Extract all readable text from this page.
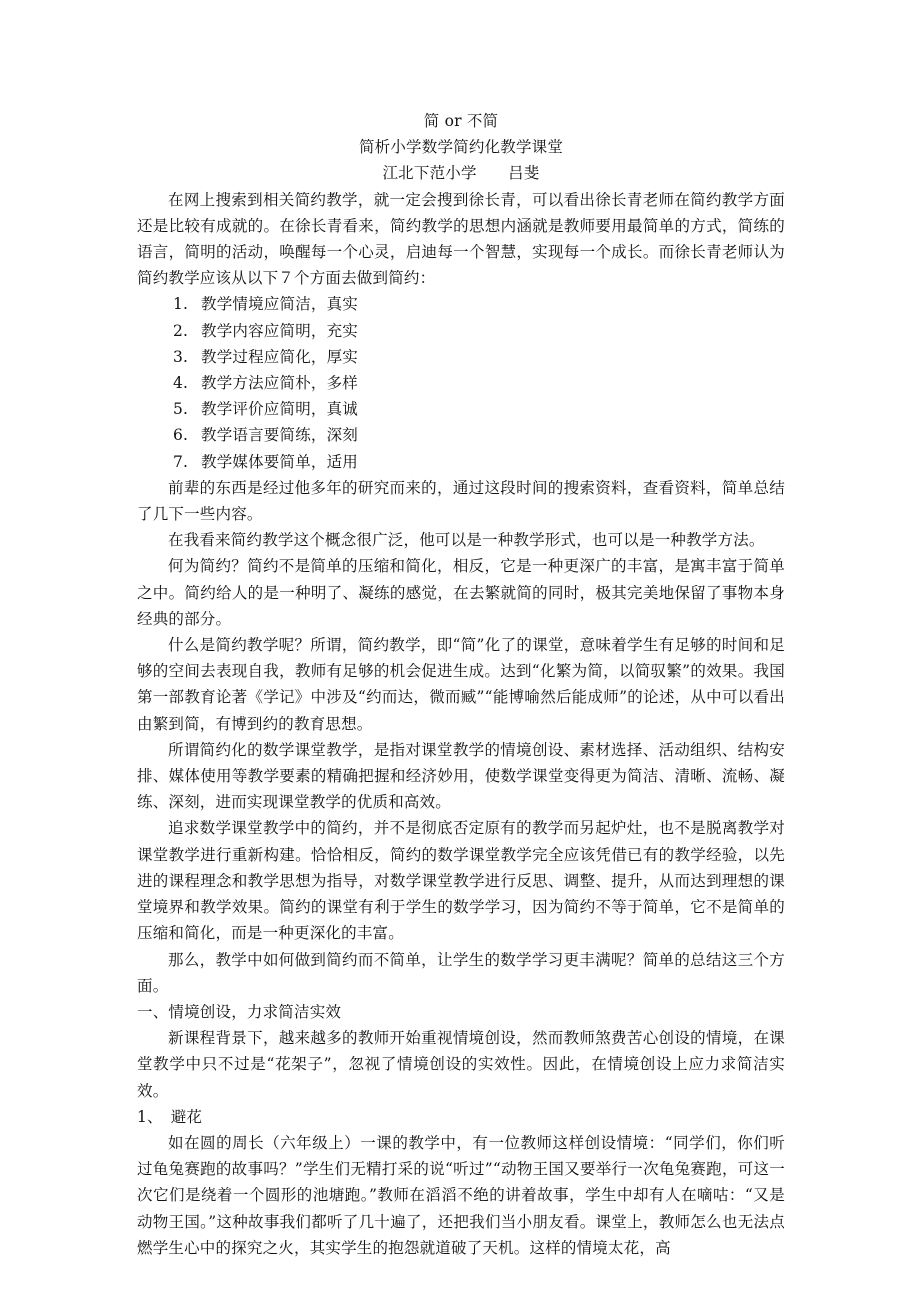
简 or 不简

简析小学数学简约化教学课堂

江北下范小学　　吕斐

在网上搜索到相关简约教学，就一定会搜到徐长青，可以看出徐长青老师在简约教学方面还是比较有成就的。在徐长青看来，简约教学的思想内涵就是教师要用最简单的方式，简练的语言，简明的活动，唤醒每一个心灵，启迪每一个智慧，实现每一个成长。而徐长青老师认为简约教学应该从以下７个方面去做到简约：

1. 教学情境应简洁，真实
2. 教学内容应简明，充实
3. 教学过程应简化，厚实
4. 教学方法应简朴，多样
5. 教学评价应简明，真诚
6. 教学语言要简练，深刻
7. 教学媒体要简单，适用

前辈的东西是经过他多年的研究而来的，通过这段时间的搜索资料，查看资料，简单总结了几下一些内容。

在我看来简约教学这个概念很广泛，他可以是一种教学形式，也可以是一种教学方法。

何为简约？简约不是简单的压缩和简化，相反，它是一种更深广的丰富，是寓丰富于简单之中。简约给人的是一种明了、凝练的感觉，在去繁就简的同时，极其完美地保留了事物本身经典的部分。

什么是简约教学呢？所谓，简约教学，即“简”化了的课堂，意味着学生有足够的时间和足够的空间去表现自我，教师有足够的机会促进生成。达到“化繁为简，以简驭繁”的效果。我国第一部教育论著《学记》中涉及“约而达，微而臧”“能博喻然后能成师”的论述，从中可以看出由繁到简，有博到约的教育思想。

所谓简约化的数学课堂教学，是指对课堂教学的情境创设、素材选择、活动组织、结构安排、媒体使用等教学要素的精确把握和经济妙用，使数学课堂变得更为简洁、清晰、流畅、凝练、深刻，进而实现课堂教学的优质和高效。

追求数学课堂教学中的简约，并不是彻底否定原有的教学而另起炉灶，也不是脱离教学对课堂教学进行重新构建。恰恰相反，简约的数学课堂教学完全应该凭借已有的教学经验，以先进的课程理念和教学思想为指导，对数学课堂教学进行反思、调整、提升，从而达到理想的课堂境界和教学效果。简约的课堂有利于学生的数学学习，因为简约不等于简单，它不是简单的压缩和简化，而是一种更深化的丰富。

那么，教学中如何做到简约而不简单，让学生的数学学习更丰满呢？简单的总结这三个方面。

一、情境创设，力求简洁实效

新课程背景下，越来越多的教师开始重视情境创设，然而教师煞费苦心创设的情境，在课堂教学中只不过是“花架子”，忽视了情境创设的实效性。因此，在情境创设上应力求简洁实效。

1、　避花

如在圆的周长（六年级上）一课的教学中，有一位教师这样创设情境：“同学们，你们听过龟兔赛跑的故事吗？”学生们无精打采的说“听过”“动物王国又要举行一次龟兔赛跑，可这一次它们是绕着一个圆形的池塘跑。”教师在滔滔不绝的讲着故事，学生中却有人在嘀咕：“又是动物王国。”这种故事我们都听了几十遍了，还把我们当小朋友看。课堂上，教师怎么也无法点燃学生心中的探究之火，其实学生的抱怨就道破了天机。这样的情境太花，高
